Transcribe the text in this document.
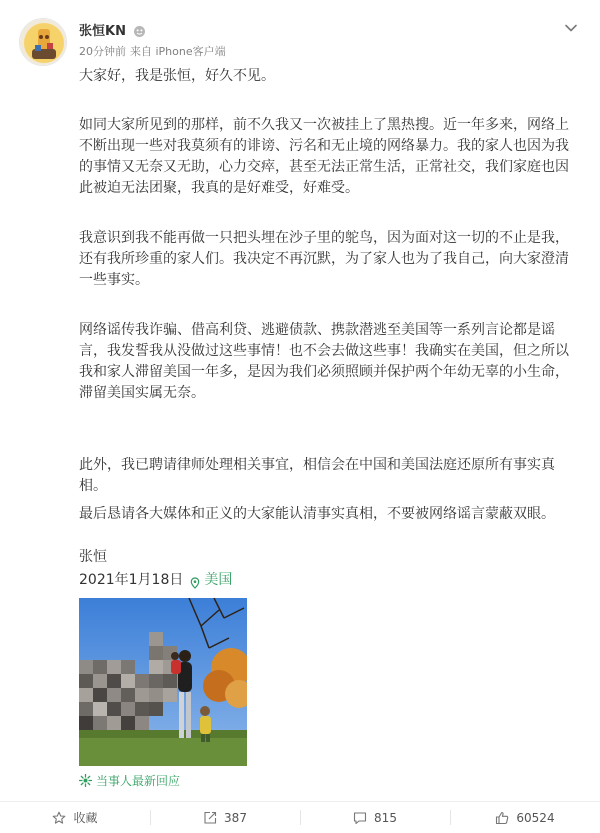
张恒KN
20分钟前 来自 iPhone客户端

大家好，我是张恒，好久不见。

如同大家所见到的那样，前不久我又一次被挂上了黑热搜。近一年多来，网络上不断出现一些对我莫须有的诽谤、污名和无止境的网络暴力。我的家人也因为我的事情又无奈又无助，心力交瘁，甚至无法正常生活，正常社交，我们家庭也因此被迫无法团聚，我真的是好难受，好难受。

我意识到我不能再做一只把头埋在沙子里的鸵鸟，因为面对这一切的不止是我，还有我所珍重的家人们。我决定不再沉默，为了家人也为了我自己，向大家澄清一些事实。

网络谣传我诈骗、借高利贷、逃避债款、携款潜逃至美国等一系列言论都是谣言，我发誓我从没做过这些事情！也不会去做这些事！我确实在美国，但之所以我和家人滞留美国一年多，是因为我们必须照顾并保护两个年幼无辜的小生命，滞留美国实属无奈。

此外，我已聘请律师处理相关事宜，相信会在中国和美国法庭还原所有事实真相。

最后恳请各大媒体和正义的大家能认清事实真相，不要被网络谣言蒙蔽双眼。

张恒

2021年1月18日 美国
当事人最新回应
收藏	387	815	60524
